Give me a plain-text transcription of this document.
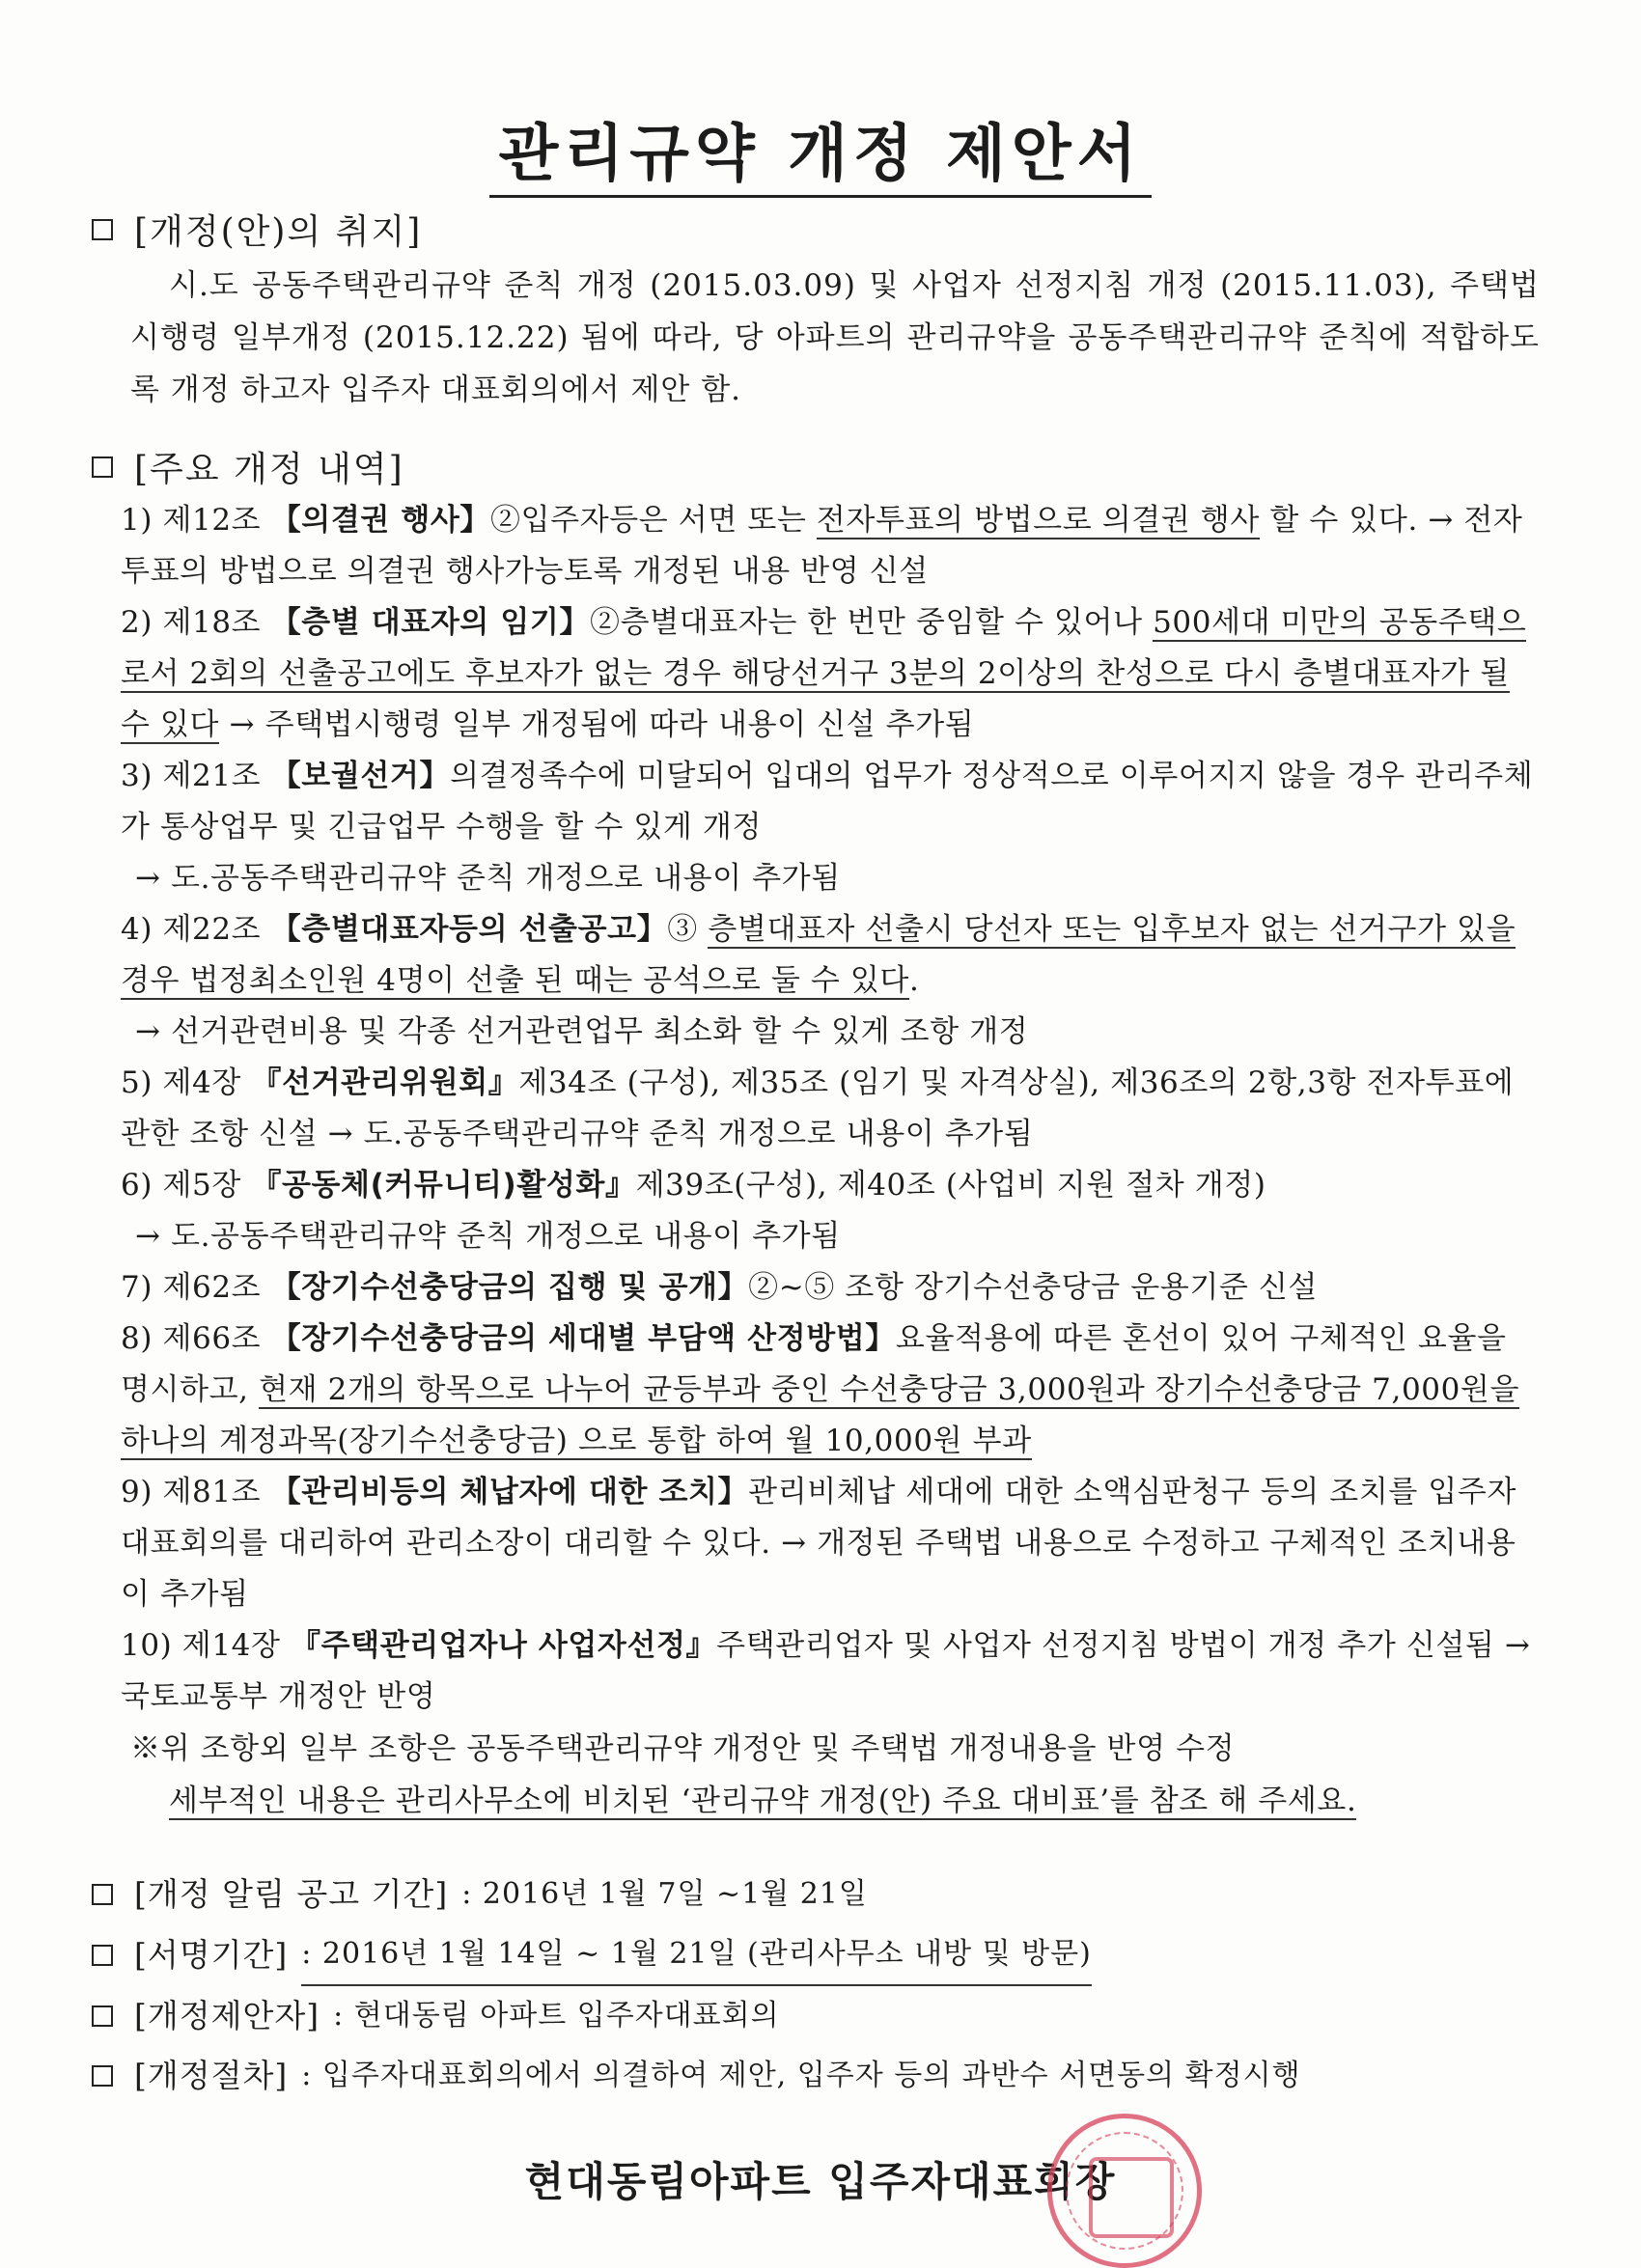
관리규약 개정 제안서
[개정(안)의 취지]
시.도 공동주택관리규약 준칙 개정 (2015.03.09) 및 사업자 선정지침 개정 (2015.11.03), 주택법시행령 일부개정 (2015.12.22) 됨에 따라, 당 아파트의 관리규약을 공동주택관리규약 준칙에 적합하도록 개정 하고자 입주자 대표회의에서 제안 함.
[주요 개정 내역]
1) 제12조 【의결권 행사】②입주자등은 서면 또는 전자투표의 방법으로 의결권 행사 할 수 있다. → 전자투표의 방법으로 의결권 행사가능토록 개정된 내용 반영 신설
2) 제18조 【층별 대표자의 임기】②층별대표자는 한 번만 중임할 수 있어나 500세대 미만의 공동주택으로서 2회의 선출공고에도 후보자가 없는 경우 해당선거구 3분의 2이상의 찬성으로 다시 층별대표자가 될 수 있다 → 주택법시행령 일부 개정됨에 따라 내용이 신설 추가됨
3) 제21조 【보궐선거】의결정족수에 미달되어 입대의 업무가 정상적으로 이루어지지 않을 경우 관리주체가 통상업무 및 긴급업무 수행을 할 수 있게 개정
→ 도.공동주택관리규약 준칙 개정으로 내용이 추가됨
4) 제22조 【층별대표자등의 선출공고】③ 층별대표자 선출시 당선자 또는 입후보자 없는 선거구가 있을 경우 법정최소인원 4명이 선출 된 때는 공석으로 둘 수 있다.
→ 선거관련비용 및 각종 선거관련업무 최소화 할 수 있게 조항 개정
5) 제4장 『선거관리위원회』제34조 (구성), 제35조 (임기 및 자격상실), 제36조의 2항,3항 전자투표에 관한 조항 신설 → 도.공동주택관리규약 준칙 개정으로 내용이 추가됨
6) 제5장 『공동체(커뮤니티)활성화』제39조(구성), 제40조 (사업비 지원 절차 개정)
→ 도.공동주택관리규약 준칙 개정으로 내용이 추가됨
7) 제62조 【장기수선충당금의 집행 및 공개】②~⑤ 조항 장기수선충당금 운용기준 신설
8) 제66조 【장기수선충당금의 세대별 부담액 산정방법】요율적용에 따른 혼선이 있어 구체적인 요율을 명시하고, 현재 2개의 항목으로 나누어 균등부과 중인 수선충당금 3,000원과 장기수선충당금 7,000원을 하나의 계정과목(장기수선충당금) 으로 통합 하여 월 10,000원 부과
9) 제81조 【관리비등의 체납자에 대한 조치】관리비체납 세대에 대한 소액심판청구 등의 조치를 입주자대표회의를 대리하여 관리소장이 대리할 수 있다. → 개정된 주택법 내용으로 수정하고 구체적인 조치내용이 추가됨
10) 제14장 『주택관리업자나 사업자선정』주택관리업자 및 사업자 선정지침 방법이 개정 추가 신설됨 → 국토교통부 개정안 반영
※위 조항외 일부 조항은 공동주택관리규약 개정안 및 주택법 개정내용을 반영 수정
세부적인 내용은 관리사무소에 비치된 ‘관리규약 개정(안) 주요 대비표’를 참조 해 주세요.
[개정 알림 공고 기간] : 2016년 1월 7일 ~1월 21일
[서명기간] : 2016년 1월 14일 ~ 1월 21일 (관리사무소 내방 및 방문)
[개정제안자] : 현대동림 아파트 입주자대표회의
[개정절차] : 입주자대표회의에서 의결하여 제안, 입주자 등의 과반수 서면동의 확정시행
현대동림아파트 입주자대표회장
